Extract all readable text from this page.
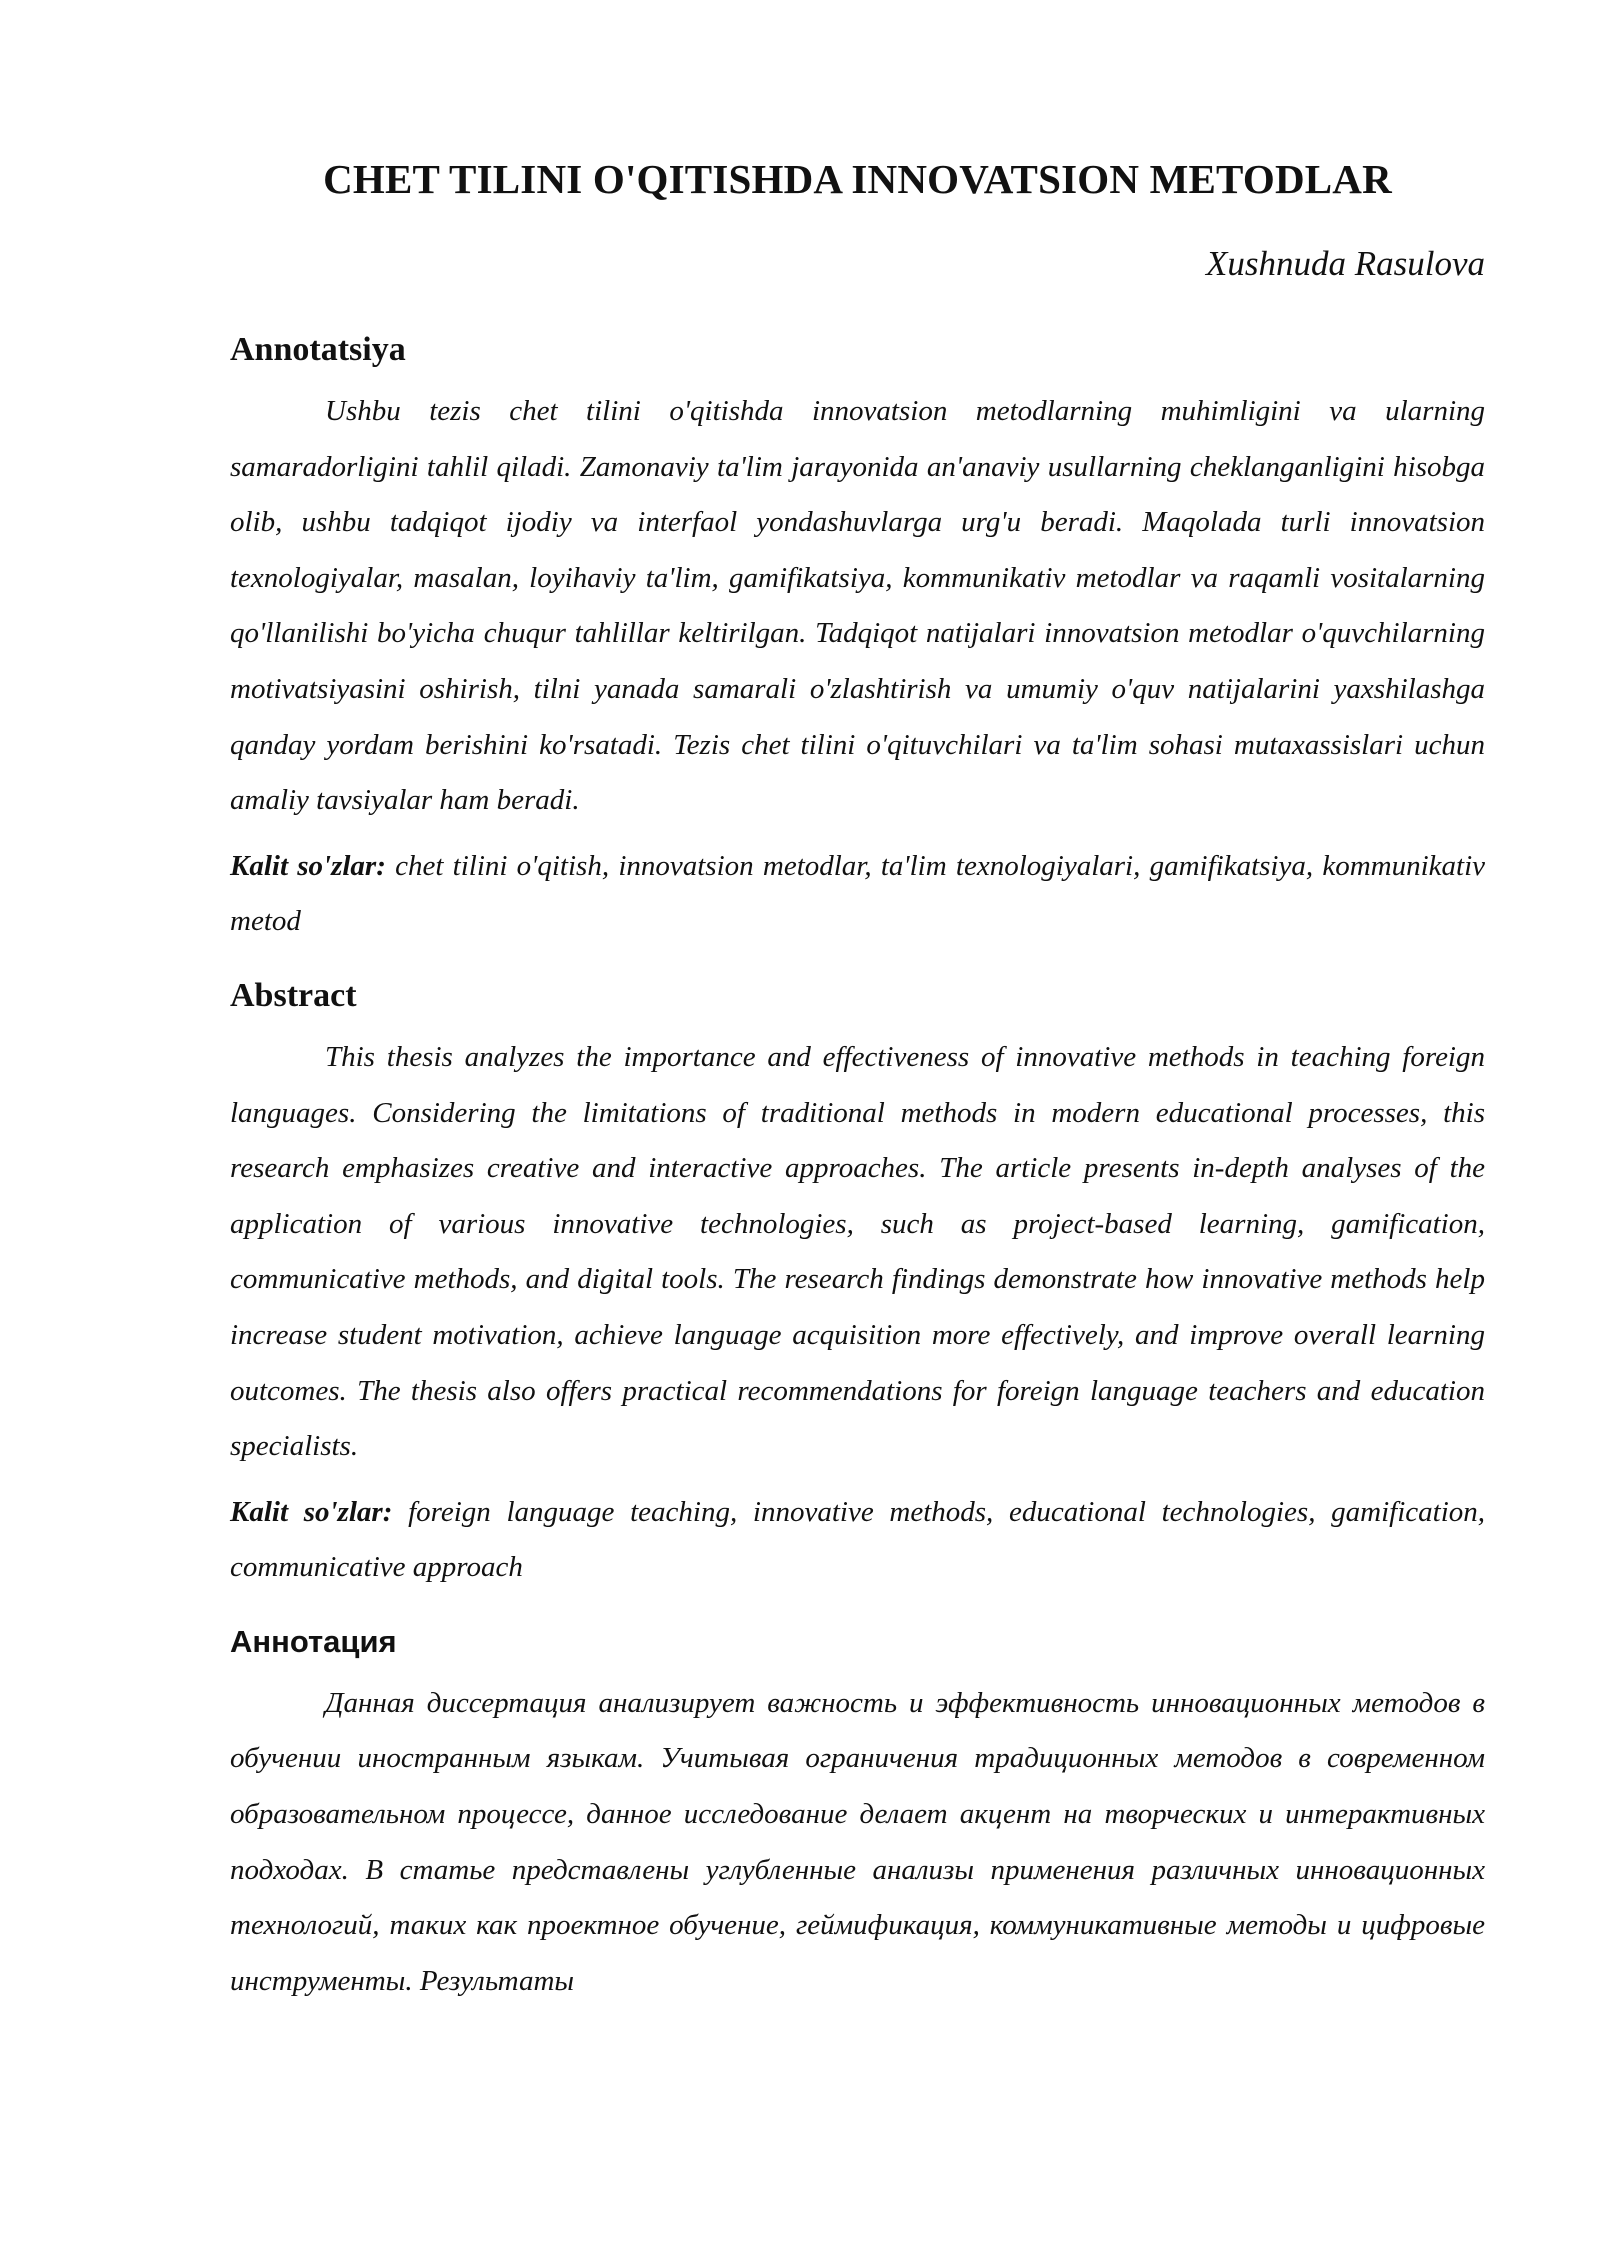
CHET TILINI O'QITISHDA INNOVATSION METODLAR
Xushnuda Rasulova
Annotatsiya

Ushbu tezis chet tilini o'qitishda innovatsion metodlarning muhimligini va ularning samaradorligini tahlil qiladi. Zamonaviy ta'lim jarayonida an'anaviy usullarning cheklanganligini hisobga olib, ushbu tadqiqot ijodiy va interfaol yondashuvlarga urg'u beradi. Maqolada turli innovatsion texnologiyalar, masalan, loyihaviy ta'lim, gamifikatsiya, kommunikativ metodlar va raqamli vositalarning qo'llanilishi bo'yicha chuqur tahlillar keltirilgan. Tadqiqot natijalari innovatsion metodlar o'quvchilarning motivatsiyasini oshirish, tilni yanada samarali o'zlashtirish va umumiy o'quv natijalarini yaxshilashga qanday yordam berishini ko'rsatadi. Tezis chet tilini o'qituvchilari va ta'lim sohasi mutaxassislari uchun amaliy tavsiyalar ham beradi.

Kalit so'zlar: chet tilini o'qitish, innovatsion metodlar, ta'lim texnologiyalari, gamifikatsiya, kommunikativ metod

Abstract

This thesis analyzes the importance and effectiveness of innovative methods in teaching foreign languages. Considering the limitations of traditional methods in modern educational processes, this research emphasizes creative and interactive approaches. The article presents in-depth analyses of the application of various innovative technologies, such as project-based learning, gamification, communicative methods, and digital tools. The research findings demonstrate how innovative methods help increase student motivation, achieve language acquisition more effectively, and improve overall learning outcomes. The thesis also offers practical recommendations for foreign language teachers and education specialists.

Kalit so'zlar: foreign language teaching, innovative methods, educational technologies, gamification, communicative approach

Аннотация

Данная диссертация анализирует важность и эффективность инновационных методов в обучении иностранным языкам. Учитывая ограничения традиционных методов в современном образовательном процессе, данное исследование делает акцент на творческих и интерактивных подходах. В статье представлены углубленные анализы применения различных инновационных технологий, таких как проектное обучение, геймификация, коммуникативные методы и цифровые инструменты. Результаты
